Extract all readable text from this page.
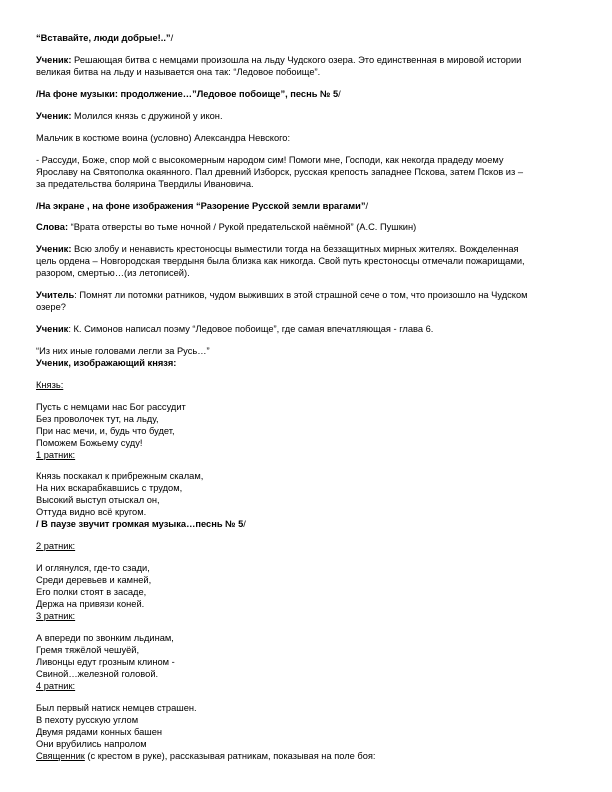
“Вставайте, люди добрые!..”/
Ученик: Решающая битва с немцами произошла на льду Чудского озера. Это единственная в мировой истории
великая битва на льду и называется она так: “Ледовое побоище”.
/На фоне музыки: продолжение…”Ледовое побоище”, песнь № 5/
Ученик: Молился князь с дружиной у икон.
Мальчик в костюме воина (условно) Александра Невского:
- Рассуди, Боже, спор мой с высокомерным народом сим! Помоги мне, Господи, как некогда прадеду моему
Ярославу на Святополка окаянного. Пал древний Изборск, русская крепость западнее Пскова, затем Псков из –
за предательства болярина Твердилы Ивановича.
/На экране , на фоне изображения “Разорение Русской земли врагами”/
Слова: “Врата отверсты во тьме ночной / Рукой предательской наёмной” (А.С. Пушкин)
Ученик: Всю злобу и ненависть крестоносцы выместили тогда на беззащитных мирных жителях. Вожделенная
цель ордена – Новгородская твердыня была близка как никогда. Свой путь крестоносцы отмечали пожарищами,
разором, смертью…(из летописей).
Учитель: Помнят ли потомки ратников, чудом выживших в этой страшной сече о том, что произошло на Чудском
озере?
Ученик: К. Симонов написал поэму “Ледовое побоище”, где самая впечатляющая - глава 6.
“Из них иные головами легли за Русь…”
Ученик, изображающий князя:
Князь:
Пусть с немцами нас Бог рассудит
Без проволочек тут, на льду,
При нас мечи, и, будь что будет,
Поможем Божьему суду!
1 ратник:
Князь поскакал к прибрежным скалам,
На них вскарабкавшись с трудом,
Высокий выступ отыскал он,
Оттуда видно всё кругом.
/ В паузе звучит громкая музыка…песнь № 5/
2 ратник:
И оглянулся, где-то сзади,
Среди деревьев и камней,
Его полки стоят в засаде,
Держа на привязи коней.
3 ратник:
А впереди по звонким льдинам,
Гремя тяжёлой чешуёй,
Ливонцы едут грозным клином -
Свиной…железной головой.
4 ратник:
Был первый натиск немцев страшен.
В пехоту русскую углом
Двумя рядами конных башен
Они врубились напролом
Священник (с крестом в руке), рассказывая ратникам, показывая на поле боя:
